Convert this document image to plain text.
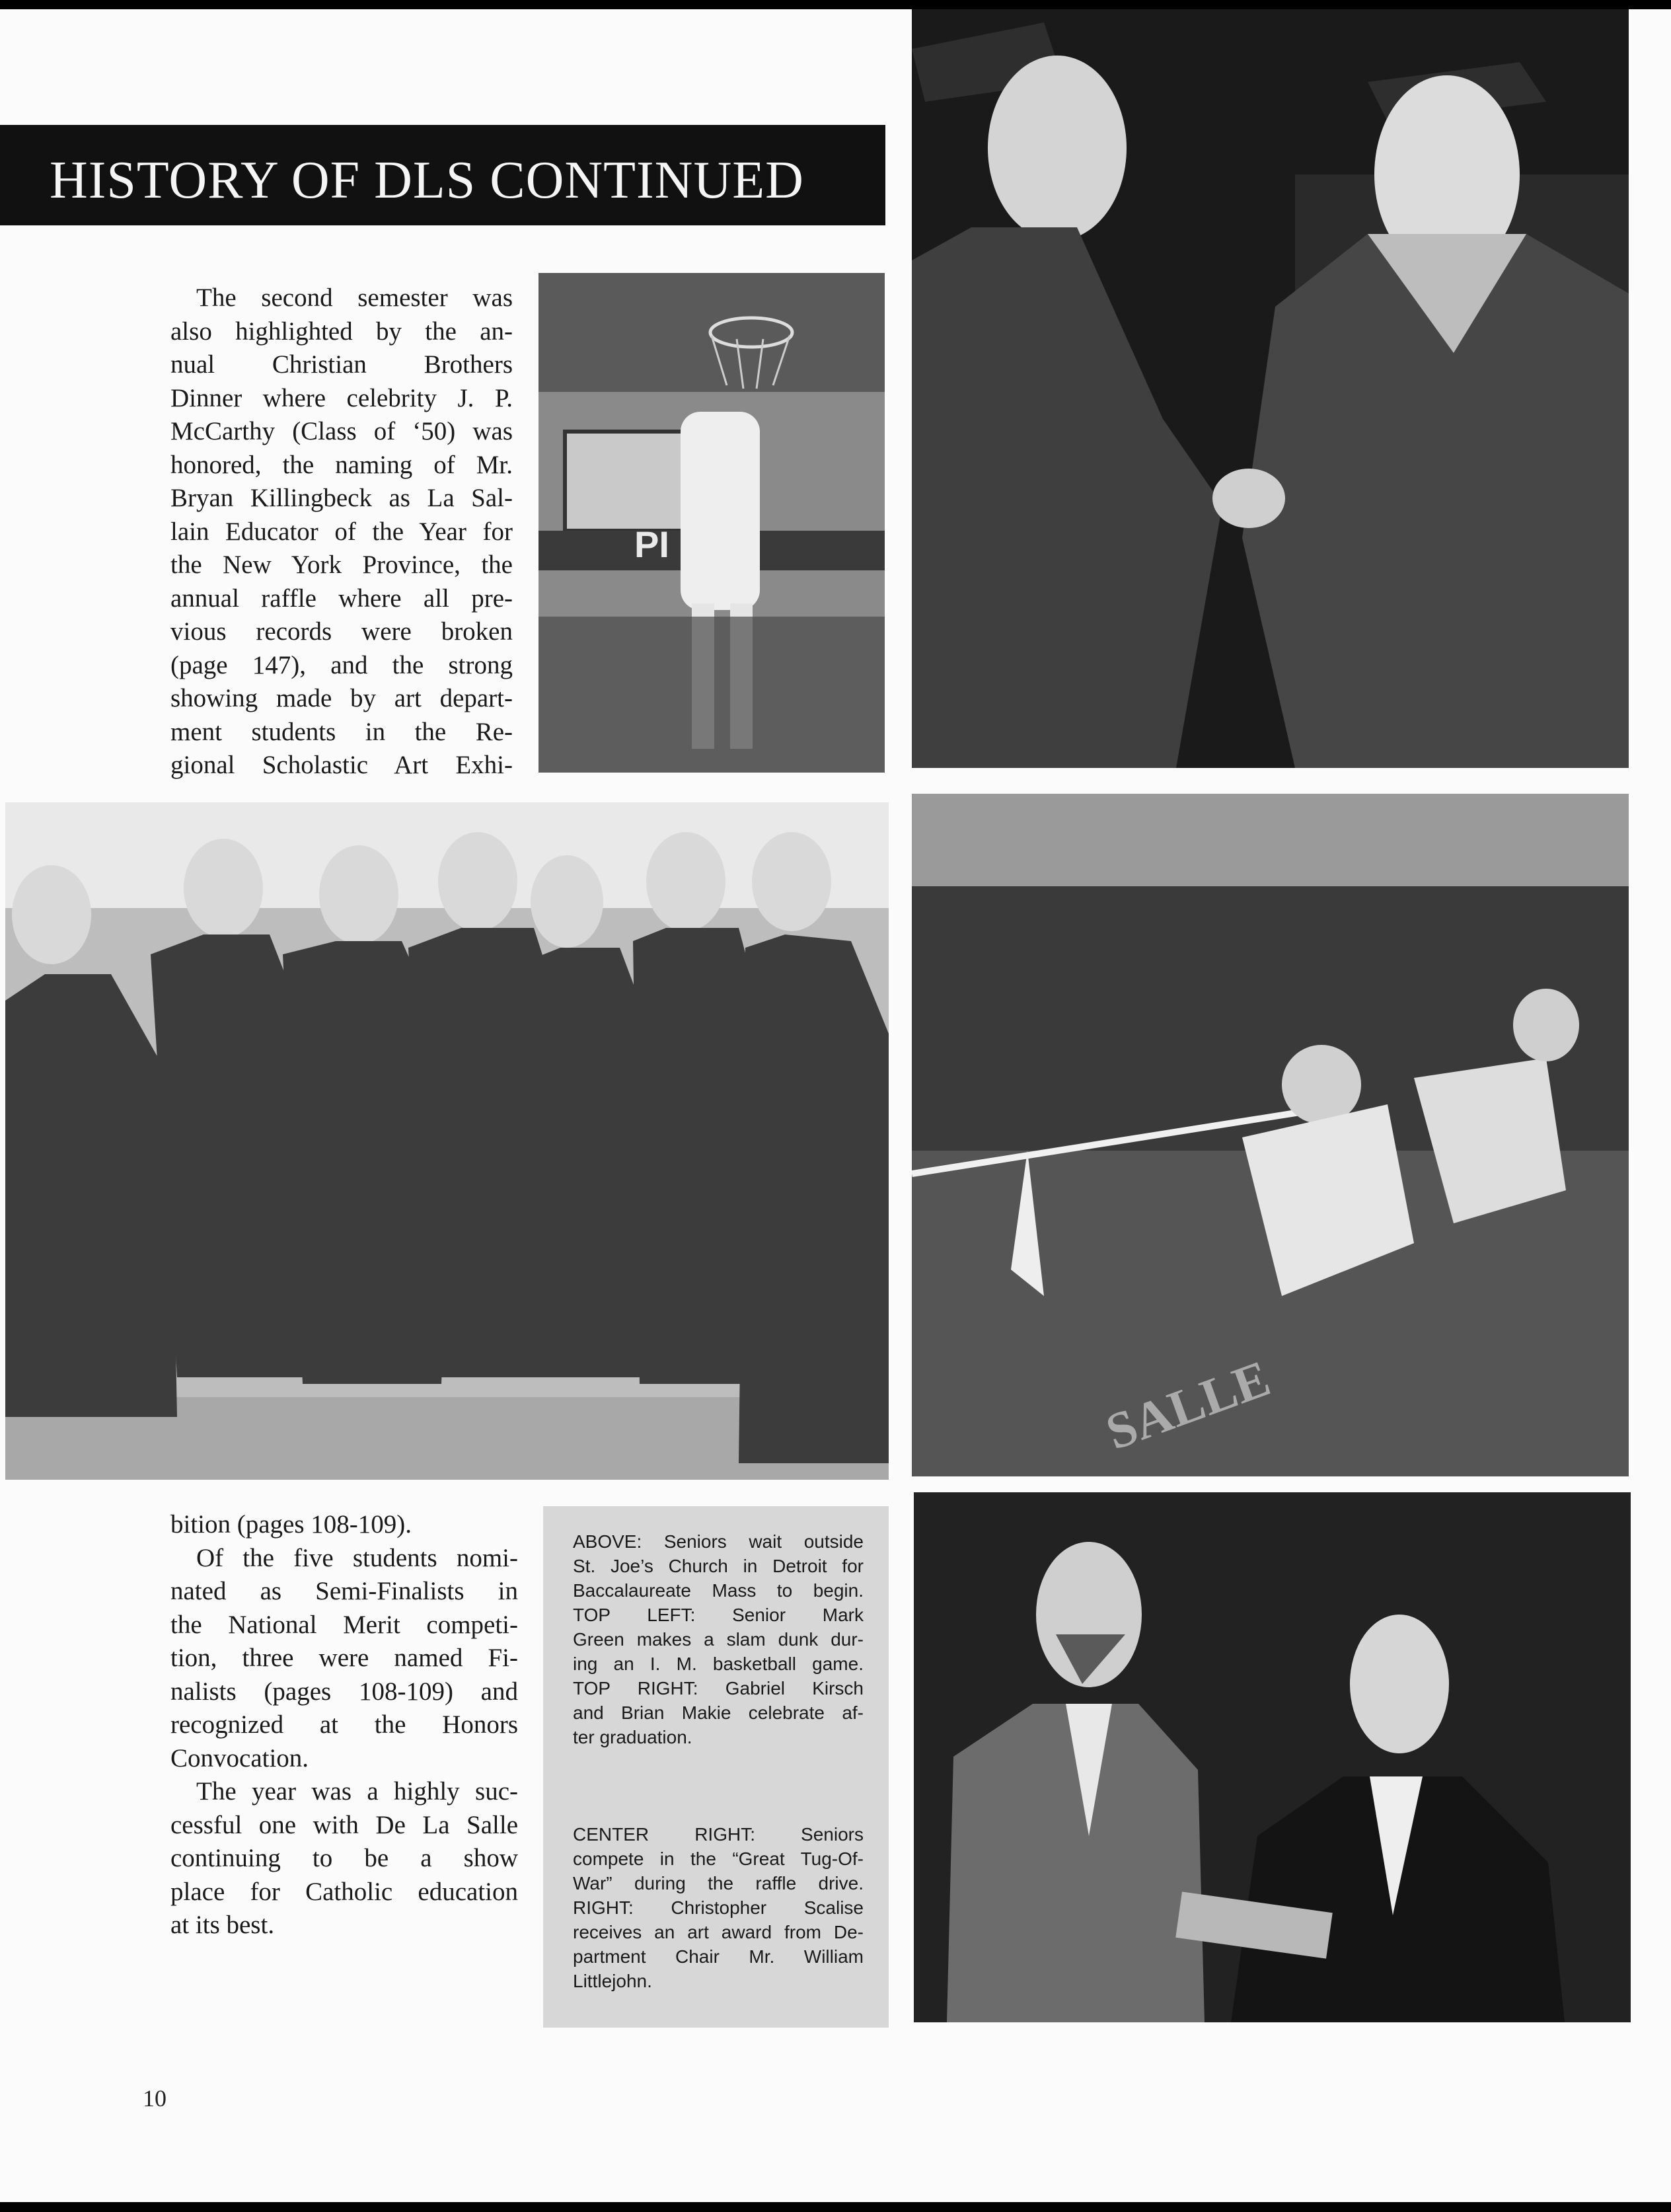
HISTORY OF DLS CONTINUED
The second semester was
also highlighted by the an-
nual Christian Brothers
Dinner where celebrity J. P.
McCarthy (Class of ‘50) was
honored, the naming of Mr.
Bryan Killingbeck as La Sal-
lain Educator of the Year for
the New York Province, the
annual raffle where all pre-
vious records were broken
(page 147), and the strong
showing made by art depart-
ment students in the Re-
gional Scholastic Art Exhi-
PI
SALLE
bition (pages 108-109).
Of the five students nomi-
nated as Semi-Finalists in
the National Merit competi-
tion, three were named Fi-
nalists (pages 108-109) and
recognized at the Honors
Convocation.
The year was a highly suc-
cessful one with De La Salle
continuing to be a show
place for Catholic education
at its best.
ABOVE: Seniors wait outside
St. Joe’s Church in Detroit for
Baccalaureate Mass to begin.
TOP LEFT: Senior Mark
Green makes a slam dunk dur-
ing an I. M. basketball game.
TOP RIGHT: Gabriel Kirsch
and Brian Makie celebrate af-
ter graduation.
CENTER RIGHT: Seniors
compete in the “Great Tug-Of-
War” during the raffle drive.
RIGHT: Christopher Scalise
receives an art award from De-
partment Chair Mr. William
Littlejohn.
10
